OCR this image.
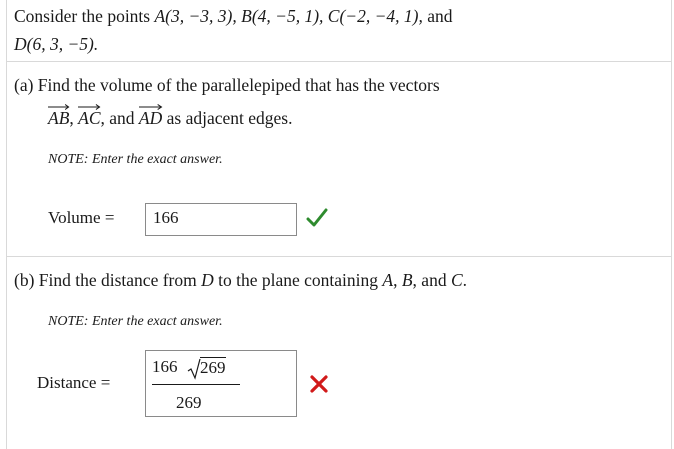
Consider the points A(3, −3, 3), B(4, −5, 1), C(−2, −4, 1), and
D(6, 3, −5).
(a) Find the volume of the parallelepiped that has the vectors
AB,
AC, and
AD as adjacent edges.
NOTE: Enter the exact answer.
Volume = 166
(b) Find the distance from D to the plane containing A, B, and C.
NOTE: Enter the exact answer.
Distance =
166 269
269
